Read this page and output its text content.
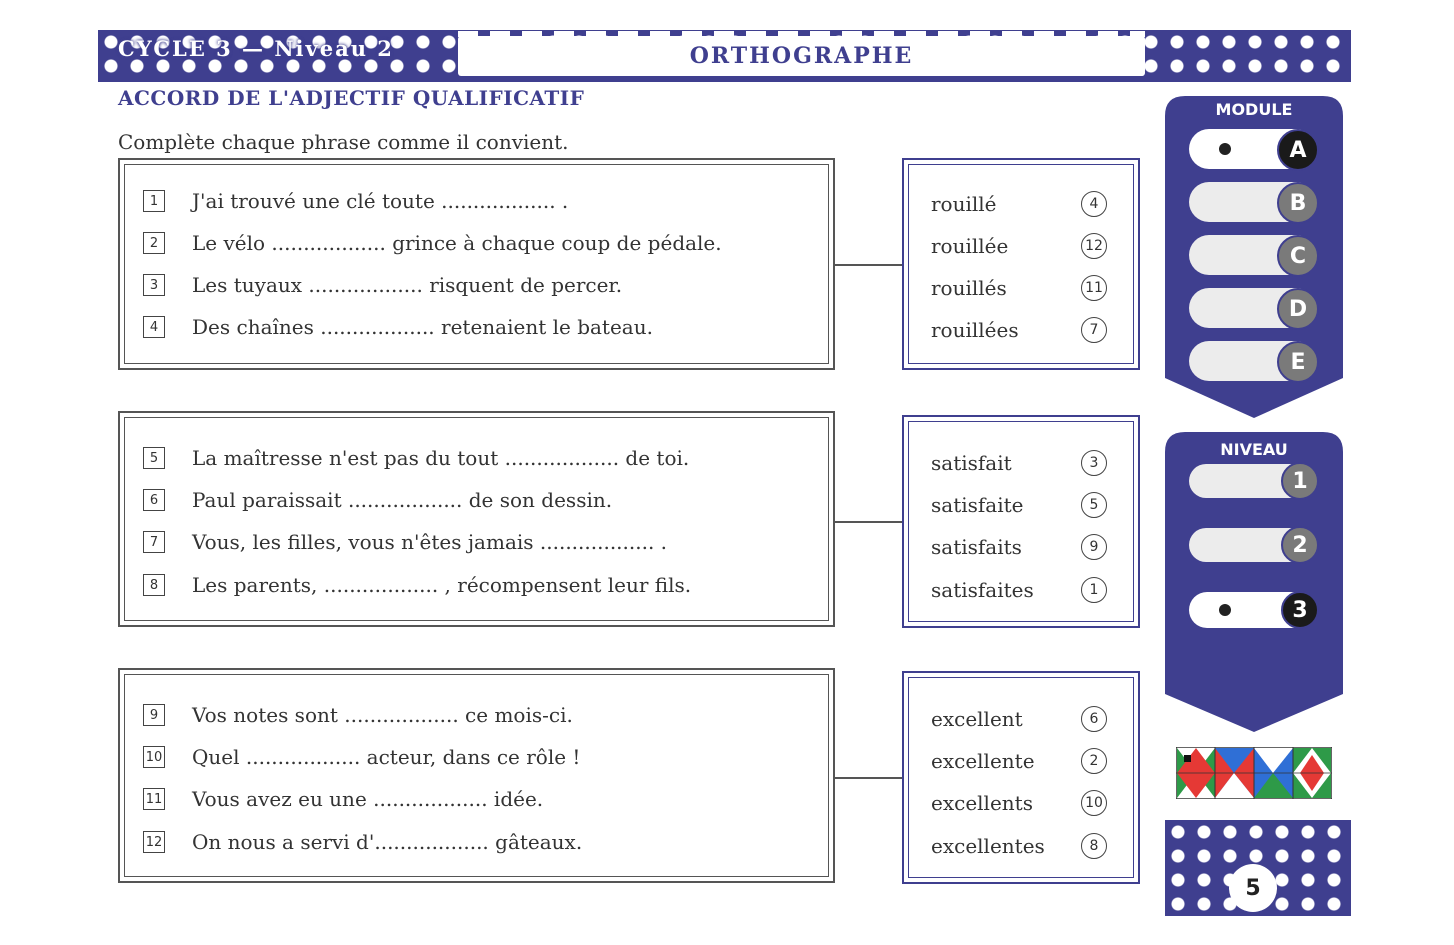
CYCLE 3 — Niveau 2	ORTHOGRAPHE
ACCORD DE L'ADJECTIF QUALIFICATIF
Complète chaque phrase comme il convient.
1	J'ai trouvé une clé toute .................. .
2	Le vélo .................. grince à chaque coup de pédale.
3	Les tuyaux .................. risquent de percer.
4	Des chaînes .................. retenaient le bateau.
rouillé	4
rouillée	12
rouillés	11
rouillées	7
5	La maîtresse n'est pas du tout .................. de toi.
6	Paul paraissait .................. de son dessin.
7	Vous, les filles, vous n'êtes jamais .................. .
8	Les parents, .................. , récompensent leur fils.
satisfait	3
satisfaite	5
satisfaits	9
satisfaites	1
9	Vos notes sont .................. ce mois-ci.
10 Quel .................. acteur, dans ce rôle !
11 Vous avez eu une .................. idée.
12 On nous a servi d'.................. gâteaux.
excellent	6
excellente	2
excellents	10
excellentes	8
MODULE
A
B
C
D
E
NIVEAU
1
2
3
5
